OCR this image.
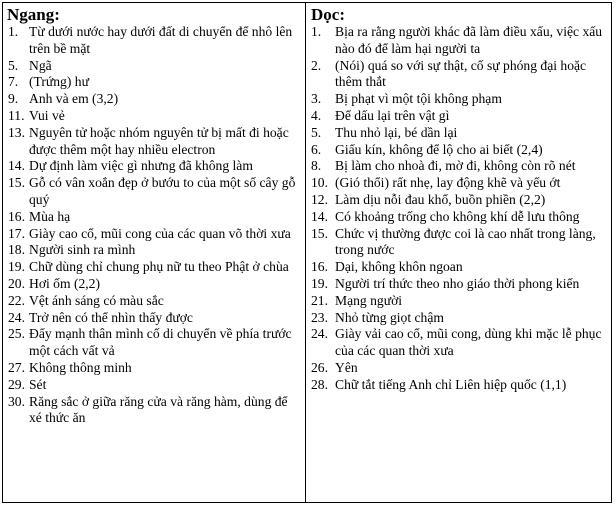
Ngang:
1. Từ dưới nước hay dưới đất di chuyển để nhô lên trên bề mặt
5. Ngã
7. (Trứng) hư
9. Anh và em (3,2)
11. Vui vẻ
13. Nguyên tử hoặc nhóm nguyên tử bị mất đi hoặc được thêm một hay nhiều electron
14. Dự định làm việc gì nhưng đã không làm
15. Gỗ có vân xoắn đẹp ở bướu to của một số cây gỗ quý
16. Mùa hạ
17. Giày cao cổ, mũi cong của các quan võ thời xưa
18. Người sinh ra mình
19. Chữ dùng chỉ chung phụ nữ tu theo Phật ở chùa
20. Hơi ốm (2,2)
22. Vệt ánh sáng có màu sắc
24. Trở nên có thể nhìn thấy được
25. Đẩy mạnh thân mình cố di chuyển về phía trước một cách vất vả
27. Không thông minh
29. Sét
30. Răng sắc ở giữa răng cửa và răng hàm, dùng để xé thức ăn
Dọc:
1. Bịa ra rằng người khác đã làm điều xấu, việc xấu nào đó để làm hại người ta
2. (Nói) quá so với sự thật, cố sự phóng đại hoặc thêm thắt
3. Bị phạt vì một tội không phạm
4. Để dấu lại trên vật gì
5. Thu nhỏ lại, bé dần lại
6. Giấu kín, không để lộ cho ai biết (2,4)
8. Bị làm cho nhoà đi, mờ đi, không còn rõ nét
10. (Gió thổi) rất nhẹ, lay động khẽ và yếu ớt
12. Làm dịu nỗi đau khổ, buồn phiền (2,2)
14. Có khoảng trống cho không khí dễ lưu thông
15. Chức vị thường được coi là cao nhất trong làng, trong nước
16. Dại, không khôn ngoan
19. Người trí thức theo nho giáo thời phong kiến
21. Mạng người
23. Nhỏ từng giọt chậm
24. Giày vải cao cổ, mũi cong, dùng khi mặc lễ phục của các quan thời xưa
26. Yên
28. Chữ tắt tiếng Anh chỉ Liên hiệp quốc (1,1)
